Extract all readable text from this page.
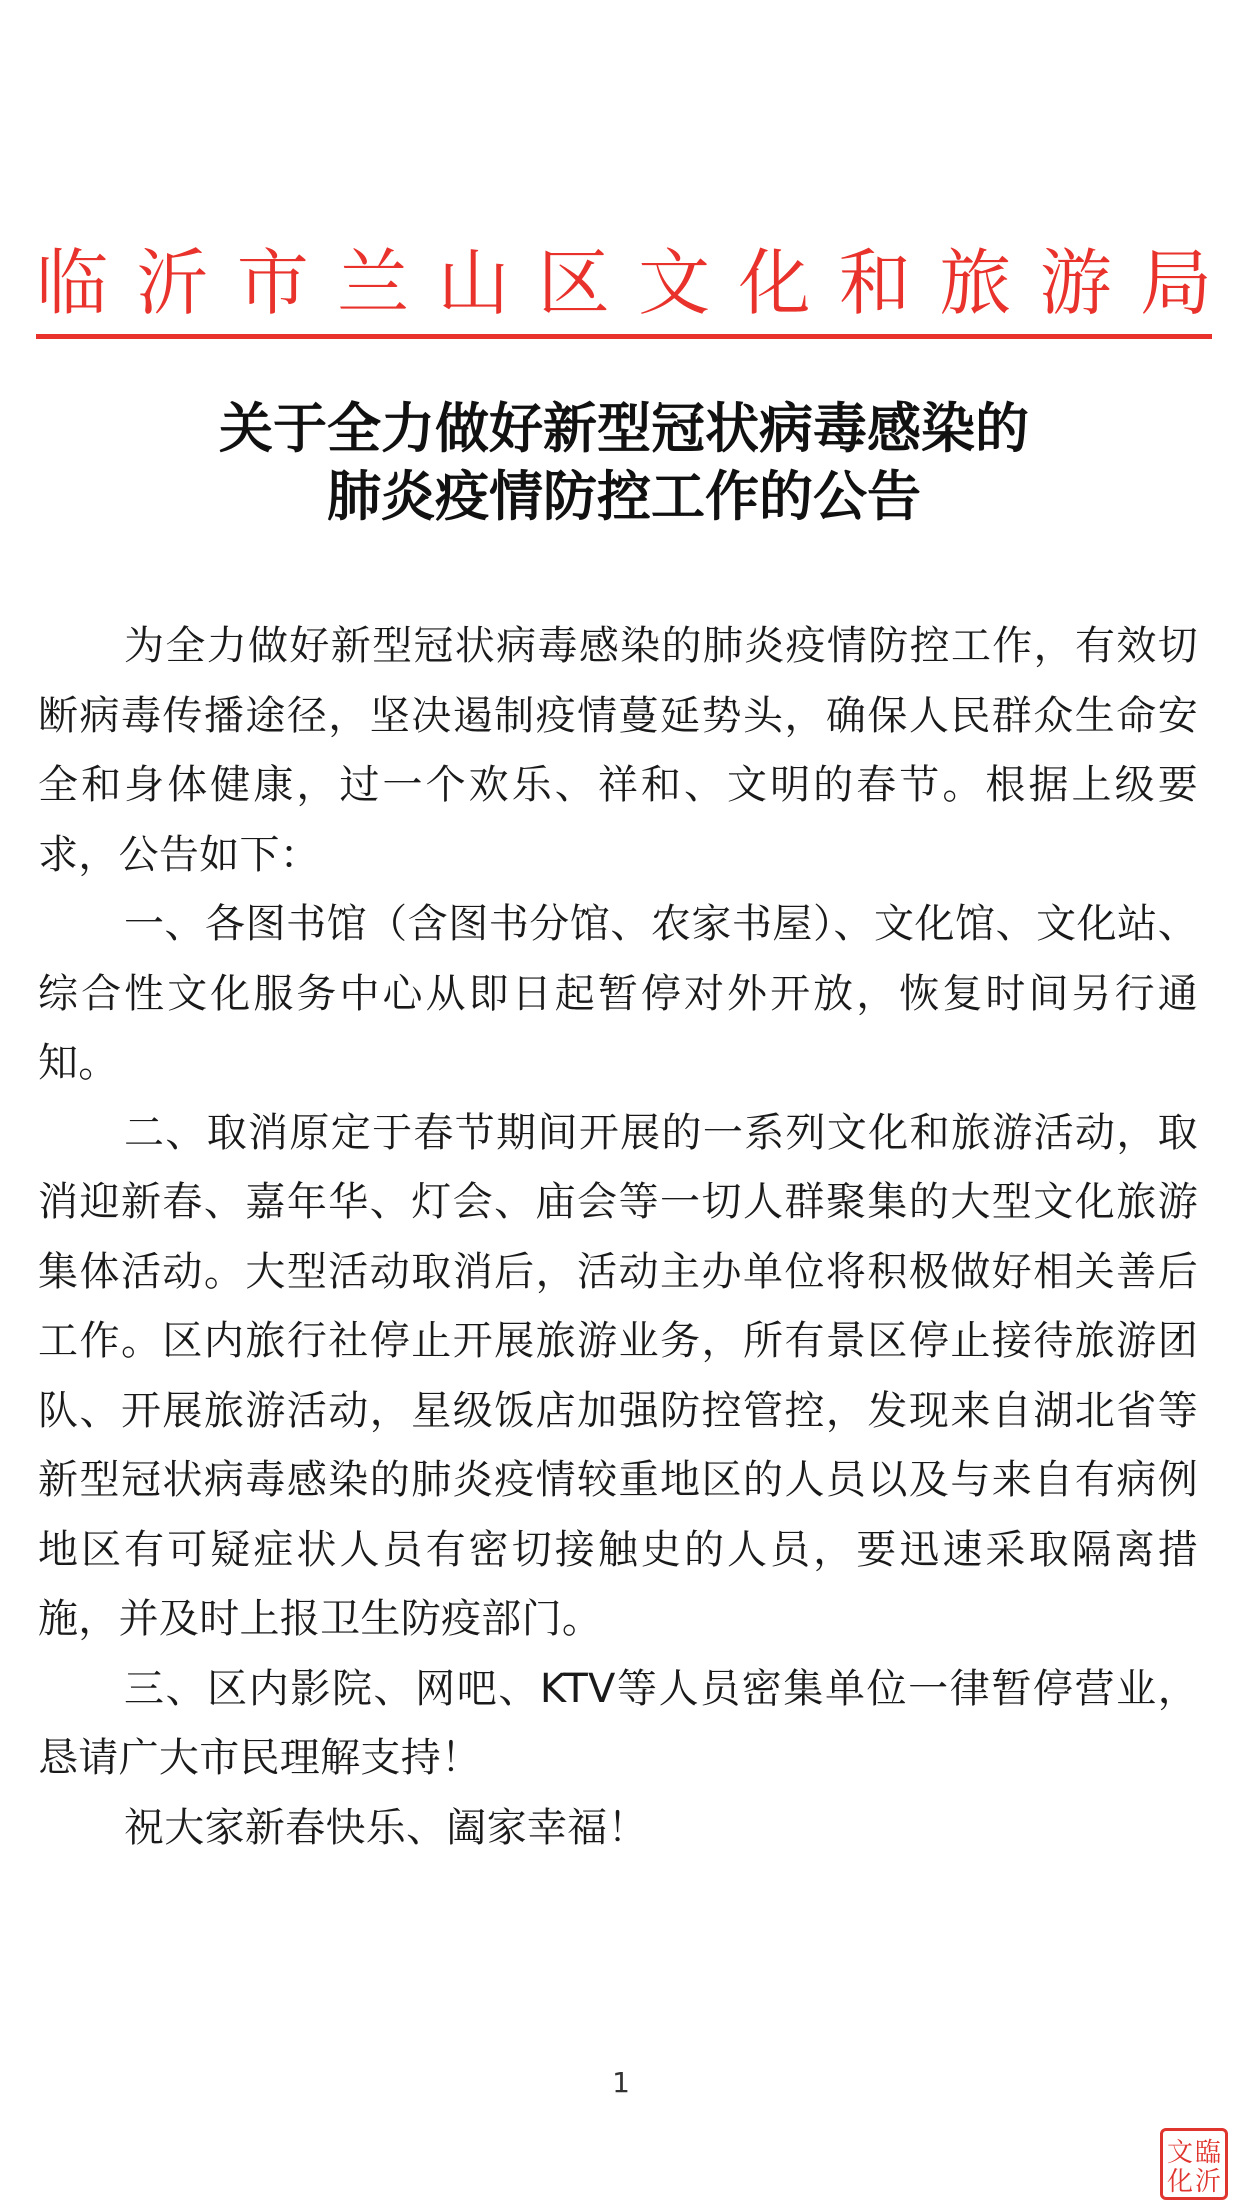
临 沂 市 兰 山 区 文 化 和 旅 游 局
关于全力做好新型冠状病毒感染的
肺炎疫情防控工作的公告

为全力做好新型冠状病毒感染的肺炎疫情防控工作，有效切断病毒传播途径，坚决遏制疫情蔓延势头，确保人民群众生命安全和身体健康，过一个欢乐、祥和、文明的春节。根据上级要求，公告如下：

一、各图书馆（含图书分馆、农家书屋）、文化馆、文化站、综合性文化服务中心从即日起暂停对外开放，恢复时间另行通知。

二、取消原定于春节期间开展的一系列文化和旅游活动，取消迎新春、嘉年华、灯会、庙会等一切人群聚集的大型文化旅游集体活动。大型活动取消后，活动主办单位将积极做好相关善后工作。区内旅行社停止开展旅游业务，所有景区停止接待旅游团队、开展旅游活动，星级饭店加强防控管控，发现来自湖北省等新型冠状病毒感染的肺炎疫情较重地区的人员以及与来自有病例地区有可疑症状人员有密切接触史的人员，要迅速采取隔离措施，并及时上报卫生防疫部门。

三、区内影院、网吧、KTV等人员密集单位一律暂停营业，恳请广大市民理解支持！

祝大家新春快乐、阖家幸福！

1
臨
沂
文
化
